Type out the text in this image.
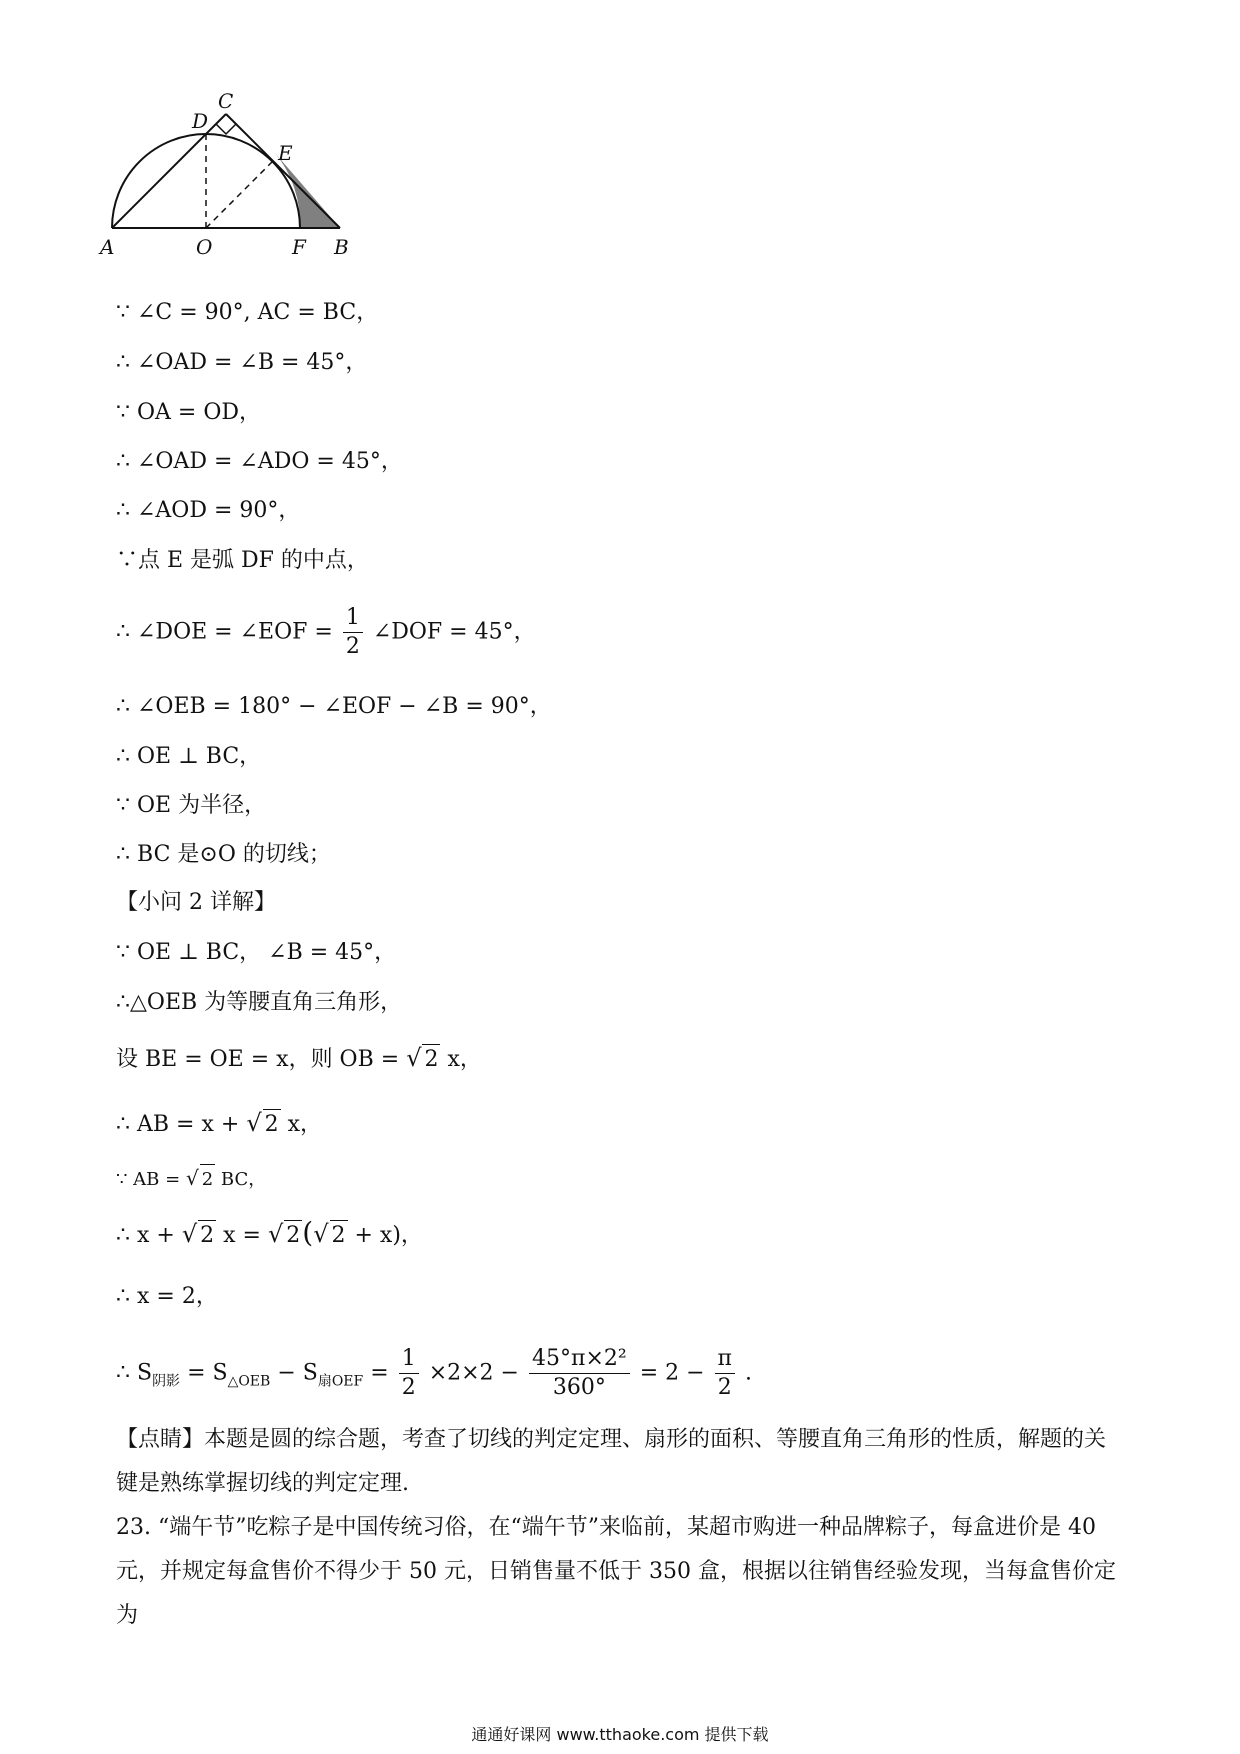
A	O	F B
C
D
E
∵ ∠C = 90°, AC = BC，
∴ ∠OAD = ∠B = 45°，
∵ OA = OD，
∴ ∠OAD = ∠ADO = 45°，
∴ ∠AOD = 90°，
∵点 E 是弧 DF 的中点，
∴ ∠DOE = ∠EOF = $\frac{1}{2}$ ∠DOF = 45°，
∴ ∠OEB = 180° − ∠EOF − ∠B = 90°，
∴ OE ⊥ BC，
∵ OE 为半径，
∴ BC 是⊙O 的切线；
【小问 2 详解】
∵ OE ⊥ BC， ∠B = 45°，
∴△OEB 为等腰直角三角形，
设 BE = OE = x，则 OB = √ 2 x，
∴ AB = x + √ 2 x，
∵ AB = √ 2 BC，
∴ x + √ 2 x = √ 2(√ 2 + x)，
∴ x = 2，
∴ $S_{阴影} = S_{\triangle OEB} - S_{扇OEF} = \frac{1}{2} \times 2\times 2 - \frac{\text{45°π×2²}}{360^\circ} = 2 - \frac{\pi}{2}$ .
【点睛】本题是圆的综合题，考查了切线的判定定理、扇形的面积、等腰直角三角形的性质，解题的关键是熟练掌握切线的判定定理.
23. “端午节”吃粽子是中国传统习俗，在“端午节”来临前，某超市购进一种品牌粽子，每盒进价是 40 元，并规定每盒售价不得少于 50 元，日销售量不低于 350 盒，根据以往销售经验发现，当每盒售价定为
通通好课网 www.tthaoke.com 提供下载
